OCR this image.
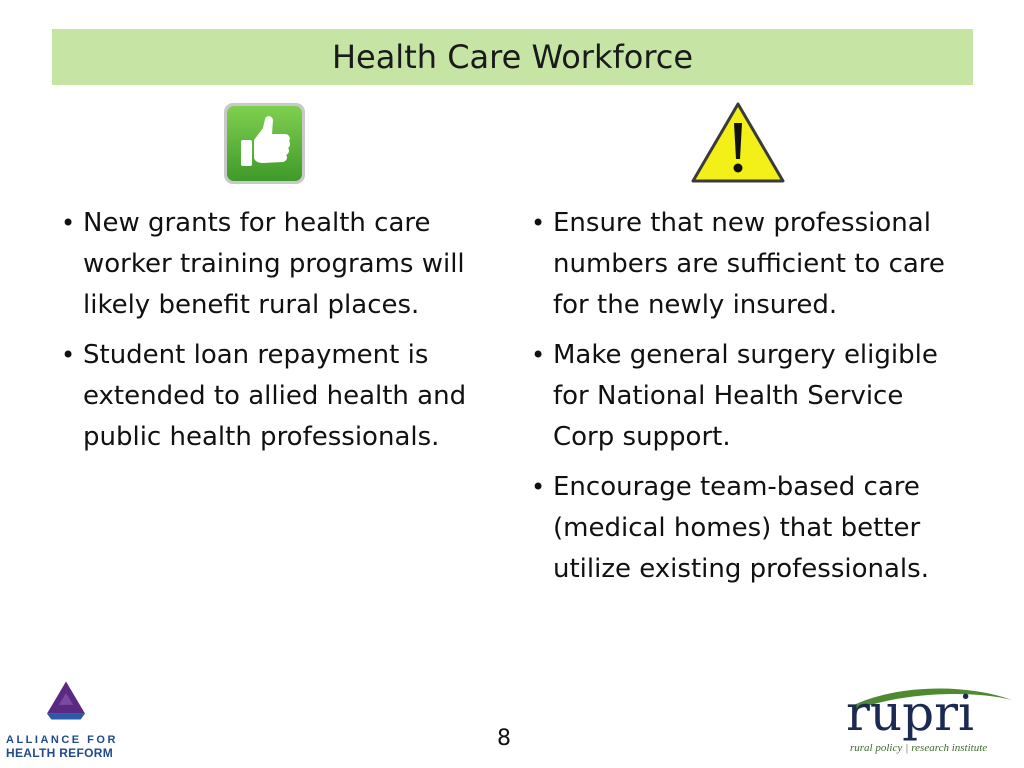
Health Care Workforce
• New grants for health care worker training programs will likely benefit rural places.
• Student loan repayment is extended to allied health and public health professionals.
• Ensure that new professional numbers are sufficient to care for the newly insured.
• Make general surgery eligible for National Health Service Corp support.
• Encourage team-based care (medical homes) that better utilize existing professionals.
8
ALLIANCE FOR
HEALTH REFORM
rupri
rural policy | research institute
